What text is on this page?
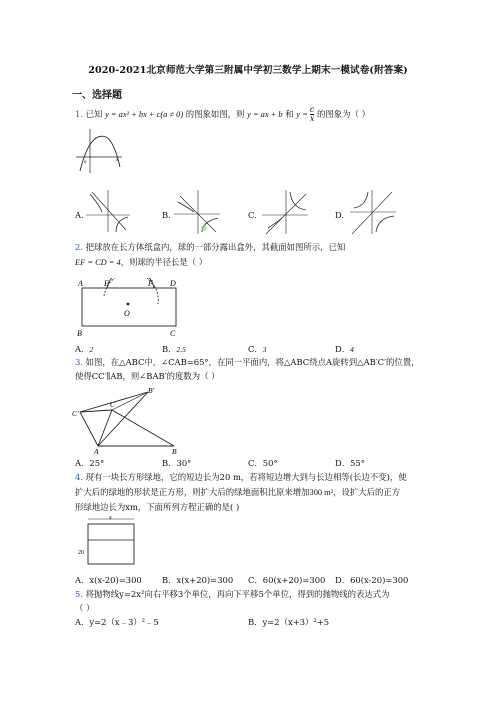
2020-2021北京师范大学第三附属中学初三数学上期末一模试卷(附答案)
一、选择题
1. 已知 y = ax² + bx + c(a ≠ 0) 的图象如图，则 y = ax + b 和 $y = \frac{c}{x}$ 的图象为（ ）
o	x
A.	B.	C.	D.
2. 把球放在长方体纸盒内，球的一部分露出盒外，其截面如图所示，已知
EF = CD = 4，则球的半径长是（ ）
A	E	F D
O
B	C
A．2	B．2.5	C．3	D．4
3. 如图，在△ABC中，∠CAB=65°，在同一平面内，将△ABC绕点A旋转到△AB′C′的位置，
使得CC′∥AB，则∠BAB′的度数为（ ）
B′
C
C′
A	B
A．25°	B．30°	C．50°	D．55°
4. 现有一块长方形绿地，它的短边长为20 m，若将短边增大到与长边相等(长边不变)，使
扩大后的绿地的形状是正方形，则扩大后的绿地面积比原来增加300 m²，设扩大后的正方
形绿地边长为xm，下面所列方程正确的是( )
x
20
A．x(x-20)=300 B．x(x+20)=300 C．60(x+20)=300 D．60(x-20)=300
5. 将抛物线y=2x²向右平移3个单位，再向下平移5个单位，得到的抛物线的表达式为
（ ）
A．y=2（x﹣3）²﹣5	B．y=2（x+3）²+5
